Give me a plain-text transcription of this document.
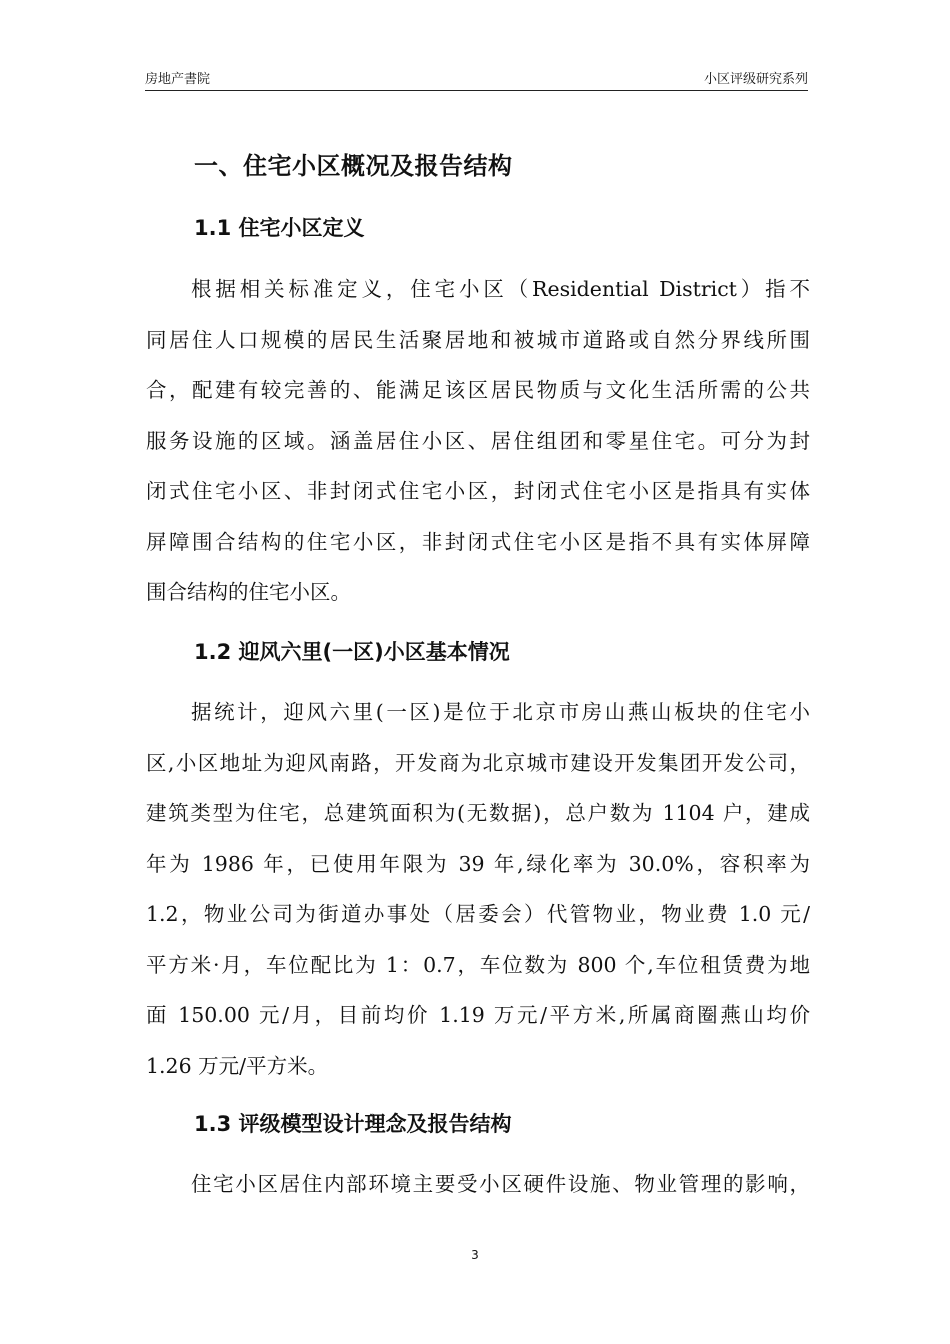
房地产書院	小区评级研究系列
一、住宅小区概况及报告结构
1.1 住宅小区定义
根据相关标准定义，住宅小区（Residential District）指不
同居住人口规模的居民生活聚居地和被城市道路或自然分界线所围
合，配建有较完善的、能满足该区居民物质与文化生活所需的公共
服务设施的区域。涵盖居住小区、居住组团和零星住宅。可分为封
闭式住宅小区、非封闭式住宅小区，封闭式住宅小区是指具有实体
屏障围合结构的住宅小区，非封闭式住宅小区是指不具有实体屏障
围合结构的住宅小区。
1.2 迎风六里(一区)小区基本情况
据统计，迎风六里(一区)是位于北京市房山燕山板块的住宅小
区,小区地址为迎风南路，开发商为北京城市建设开发集团开发公司，
建筑类型为住宅，总建筑面积为(无数据)，总户数为 1104 户，建成
年为 1986 年，已使用年限为 39 年,绿化率为 30.0%，容积率为
1.2，物业公司为街道办事处（居委会）代管物业，物业费 1.0 元/
平方米·月，车位配比为 1：0.7，车位数为 800 个,车位租赁费为地
面 150.00 元/月，目前均价 1.19 万元/平方米,所属商圈燕山均价
1.26 万元/平方米。
1.3 评级模型设计理念及报告结构
住宅小区居住内部环境主要受小区硬件设施、物业管理的影响，
3
